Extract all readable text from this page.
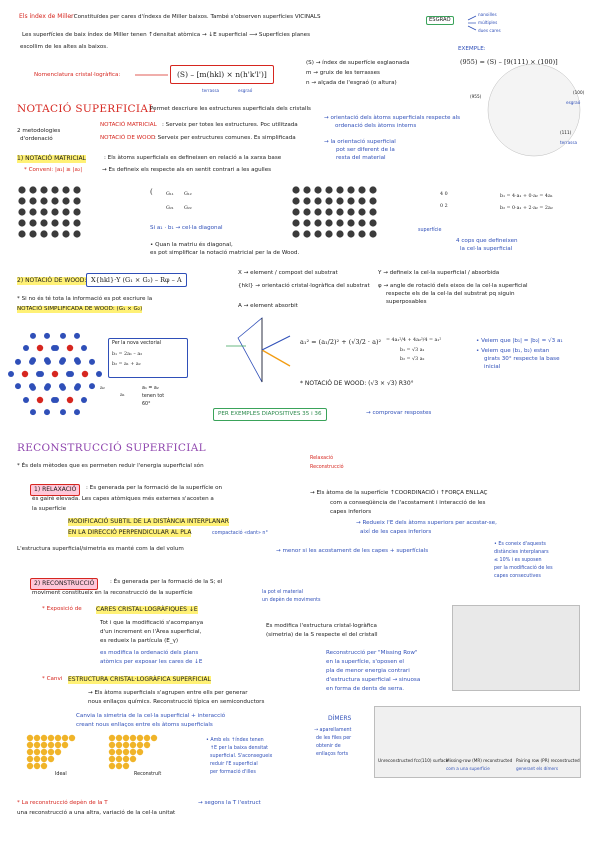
Els índex de Miller
: Constituïdes per cares d'índexs de Miller baixos. També s'observen superfícies VICINALS	ESGRAÓ
nanoilles
múltiples
dues cares
Les superfícies de baix índex de Miller tenen ↑densitat atòmica → ↓E superficial ⟶ Superfícies planes
escollim de les altes als baixos.
Nomenclatura cristal·logràfica:	(S) – [m(hkl) × n(h'k'l')]
terrassa	esgraó
(S) → índex de superfície esglaonada
m → gruix de les terrasses
n → alçada de l'esgraó (o altura)
EXEMPLE:
(955) = (S) – [9(111) × (100)]
(955)
(100)
esgraó
(111)
terrassa
NOTACIÓ SUPERFICIAL
Permet descriure les estructures superficials dels cristalls
→ orientació dels àtoms superficials respecte als
ordenació dels àtoms interns
2 metodologies
d'ordenació
NOTACIÓ MATRICIAL : Serveix per totes les estructures. Poc utilitzada
NOTACIÓ DE WOOD
: Serveix per estructures comunes. Es simplificada
→ la orientació superficial
pot ser diferent de la
resta del material
1) NOTACIÓ MATRICIAL	: Els àtoms superficials es defineixen en relació a la xarxa base
* Conveni: |a₁| ≥ |a₂|	→ Es defineix els respecte als en sentit contrari a les agulles
(	G₁₁ G₁₂
G₂₁ G₂₂
Si a₁ · b₁ → cel·la diagonal
• Quan la matriu és diagonal,
es pot simplificar la notació matricial per la de Wood.
4 0
0 2
superfície
b₁ = 4·a₁ + 0·a₂ = 4a₁
b₂ = 0·a₁ + 2·a₂ = 2a₂
4 cops que defineixen
la cel·la superficial
2) NOTACIÓ DE WOOD: X{hkl}·Y (G₁ × G₂) – Rφ – A
X → element / compost del substrat
{hkl} → orientació cristal·logràfica del substrat
A → element absorbit
Y → defineix la cel·la superficial / absorbida
φ → angle de rotació dels eixos de la cel·la superficial
respecte els de la cel·la del substrat pq siguin
superposables
* Si no és té tota la informació es pot escriure la
NOTACIÓ SIMPLIFICADA DE WOOD: (G₁ × G₂)
Per la nova vectorial
b₁ = 2a₁ – a₂
b₂ = a₁ + a₂
a₁
a₂	a₁ = a₂
tenen tot
60°
a₁² = (a₁/2)² + (√3/2 · a)² = 4a₁²/4 + 4a₂²/4 = a₁²
b₁ = √3 a₁
b₂ = √3 a₂
• Veiem que |b₁| = |b₂| = √3 a₁
• Veiem que (b₁, b₂) estan
girats 30° respecte la base
inicial
* NOTACIÓ DE WOOD: (√3 × √3) R30°
PER EXEMPLES DIAPOSITIVES 35 i 36	→ comprovar respostes
RECONSTRUCCIÓ SUPERFICIAL
* És dels mètodes que es permeten reduir l'energia superficial són
Relaxació
Reconstrucció
1) RELAXACIÓ	: Es generada per la formació de la superfície on
és gairé elevada. Les capes atòmiques més externes s'acosten a
la superfície
→ Els àtoms de la superfície ↑COORDINACIÓ i ↑FORÇA ENLLAÇ
com a conseqüència de l'acostament i interacció de les
capes inferiors
MODIFICACIÓ SUBTIL DE LA DISTÀNCIA INTERPLANAR
EN LA DIRECCIÓ PERPENDICULAR AL PLA	compactació «dant» n°
→ Redueix l'E dels àtoms superiors per acostar-se,
així de les capes inferiors
L'estructura superficial/simetria es manté com la del volum	→ menor si les acostament de les capes + superfícials
• Es coneix d'aquests
distàncies interplanars
≤ 10% i es suposen
per la modificació de les
capes consecutives
2) RECONSTRUCCIÓ	: És generada per la formació de la S; el
moviment constitueix en la reconstrucció de la superfície	la pot el material
un depèn de moviments
* Exposició de CARES CRISTAL·LOGRÀFIQUES ↓E
Tot i que la modificació s'acompanya
d'un increment en l'Àrea superficial,
es redueix la partícula (E_γ)
es modifica la ordenació dels plans
atòmics per exposar les cares de ↓E
Es modifica l'estructura cristal·logràfica
(simetria) de la S respecte el del cristall
Reconstrucció per "Missing Row"
en la superfície, s'oposen el
pla de menor energia contrari
d'estructura superficial → sinuosa
en forma de dents de serra.
* Canvi ESTRUCTURA CRISTAL·LOGRÀFICA SUPERFICIAL
→ Els àtoms superficials s'agrupen entre ells per generar
nous enllaços químics. Reconstrucció típica en semiconductors
Canvia la simetria de la cel·la superficial + interacció
creant nous enllaços entre els àtoms superficials
DÍMERS
→ aparellament
de les files per
obtenir de
enllaços forts
Unreconstructed fcc(110) surface
Missing-row (MR) reconstructed Pairing row (PR) reconstructed
com a una superfície	generant els dímers
Ideal	Reconstruït
• Amb els ↑índex tenen
↑E per la baixa densitat
superficial. S'aconsegueix
reduir l'E superficial
per formació d'illes
* La reconstrucció depèn de la T	→ segons la T l'estruct
una reconstrucció a una altra, variació de la cel·la unitat
